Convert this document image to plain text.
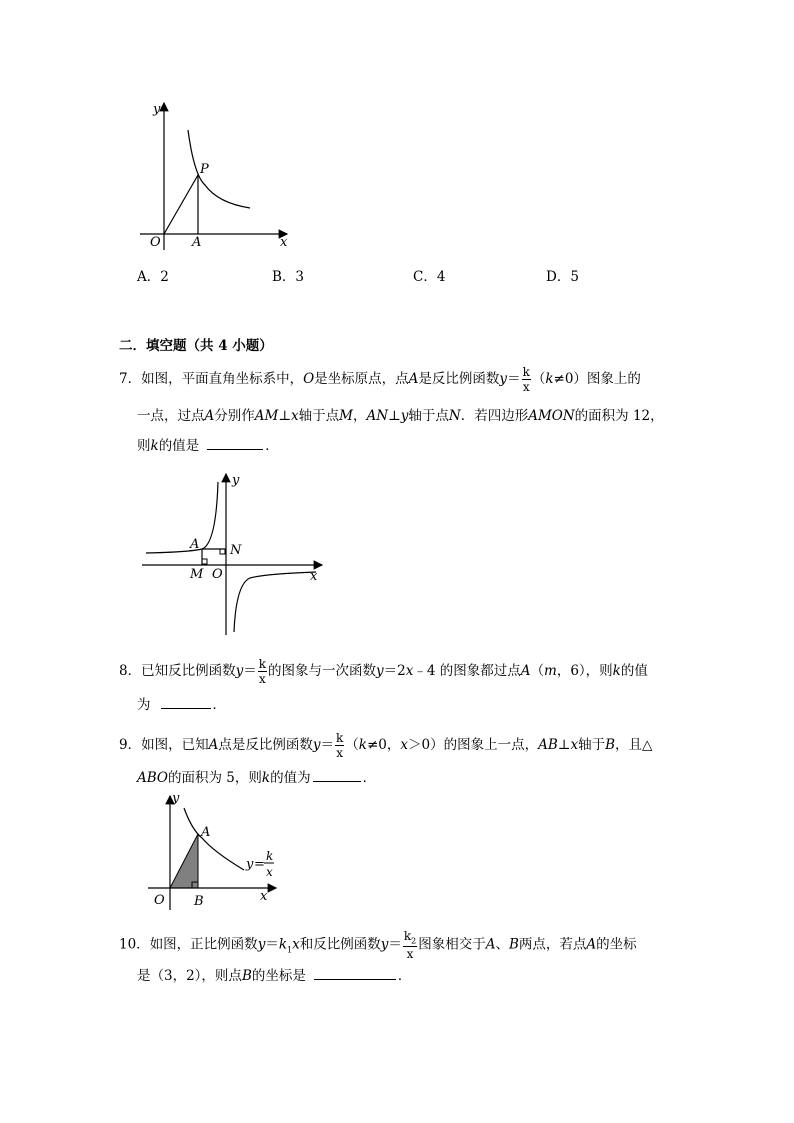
y
x
O
P
A
A．2	B．3	C．4	D．5
二．填空题（共 4 小题）
7．如图，平面直角坐标系中，O是坐标原点，点A是反比例函数$y= \frac{k}{x} (k\ne 0)$图象上的
一点，过点A分别作AM⊥x轴于点M，AN⊥y轴于点N．若四边形AMON的面积为 12，
则k的值是	．
y
x
A N
M O
8．已知反比例函数$y= \frac{k}{x}$ 的图象与一次函数y＝2x﹣4 的图象都过点A（m，6），则k的值
为	．
9．如图，已知A点是反比例函数$y= \frac{k}{x} (k\ne 0$，x＞0）的图象上一点，AB⊥x轴于B，且△
ABO的面积为 5，则k的值为	．
y
x
A
O B
y =
k
x
10．如图，正比例函数$y=k_1x$和反比例函数$y= \frac{k_2}{x}$ 图象相交于A、B两点，若点A的坐标
是（3，2），则点B的坐标是	．
